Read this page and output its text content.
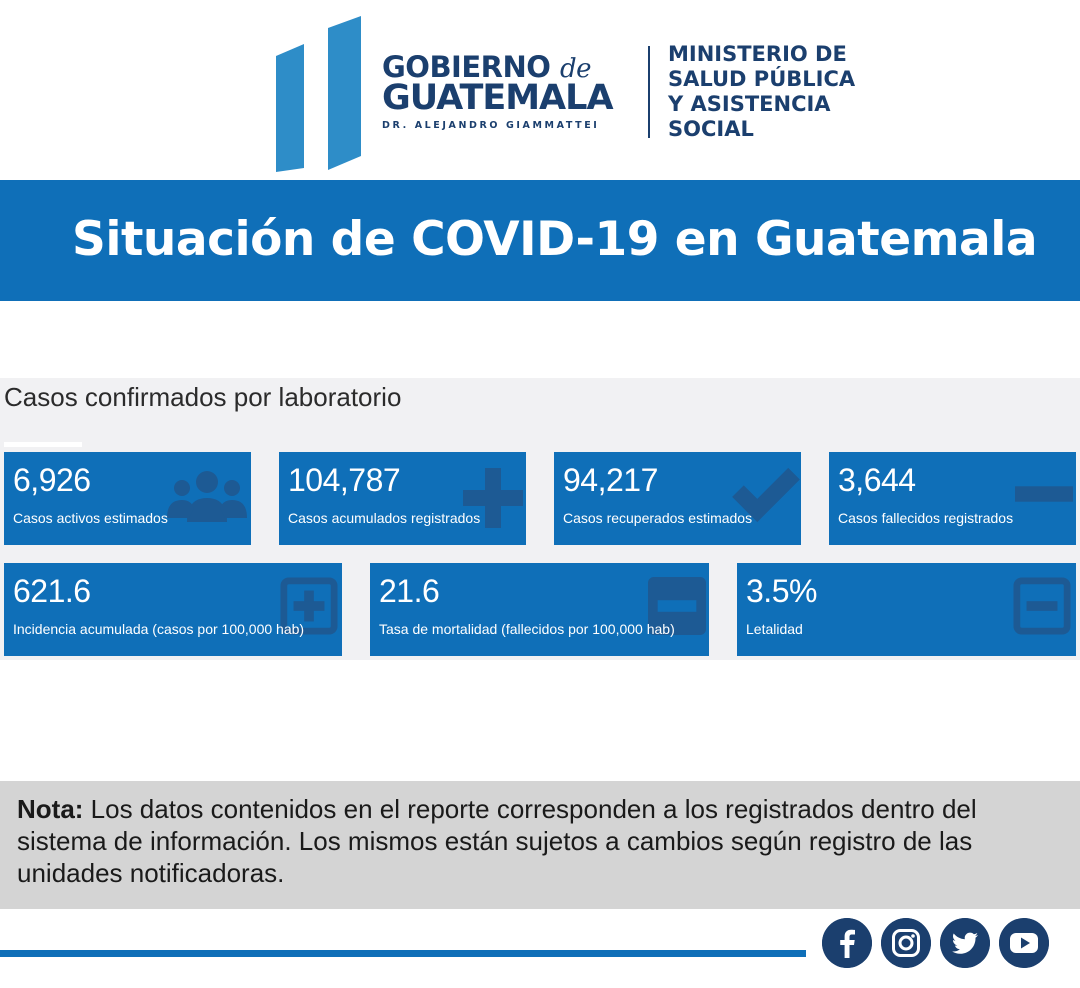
GOBIERNO de
GUATEMALA
DR. ALEJANDRO GIAMMATTEI
MINISTERIO DE
SALUD PÚBLICA
Y ASISTENCIA
SOCIAL
Situación de COVID-19 en Guatemala
Casos confirmados por laboratorio
6,926
Casos activos estimados
104,787
Casos acumulados registrados
94,217
Casos recuperados estimados
3,644
Casos fallecidos registrados
621.6
Incidencia acumulada (casos por 100,000 hab)
21.6
Tasa de mortalidad (fallecidos por 100,000 hab)
3.5%
Letalidad

Nota: Los datos contenidos en el reporte corresponden a los registrados dentro del sistema de información. Los mismos están sujetos a cambios según registro de las unidades notificadoras.
